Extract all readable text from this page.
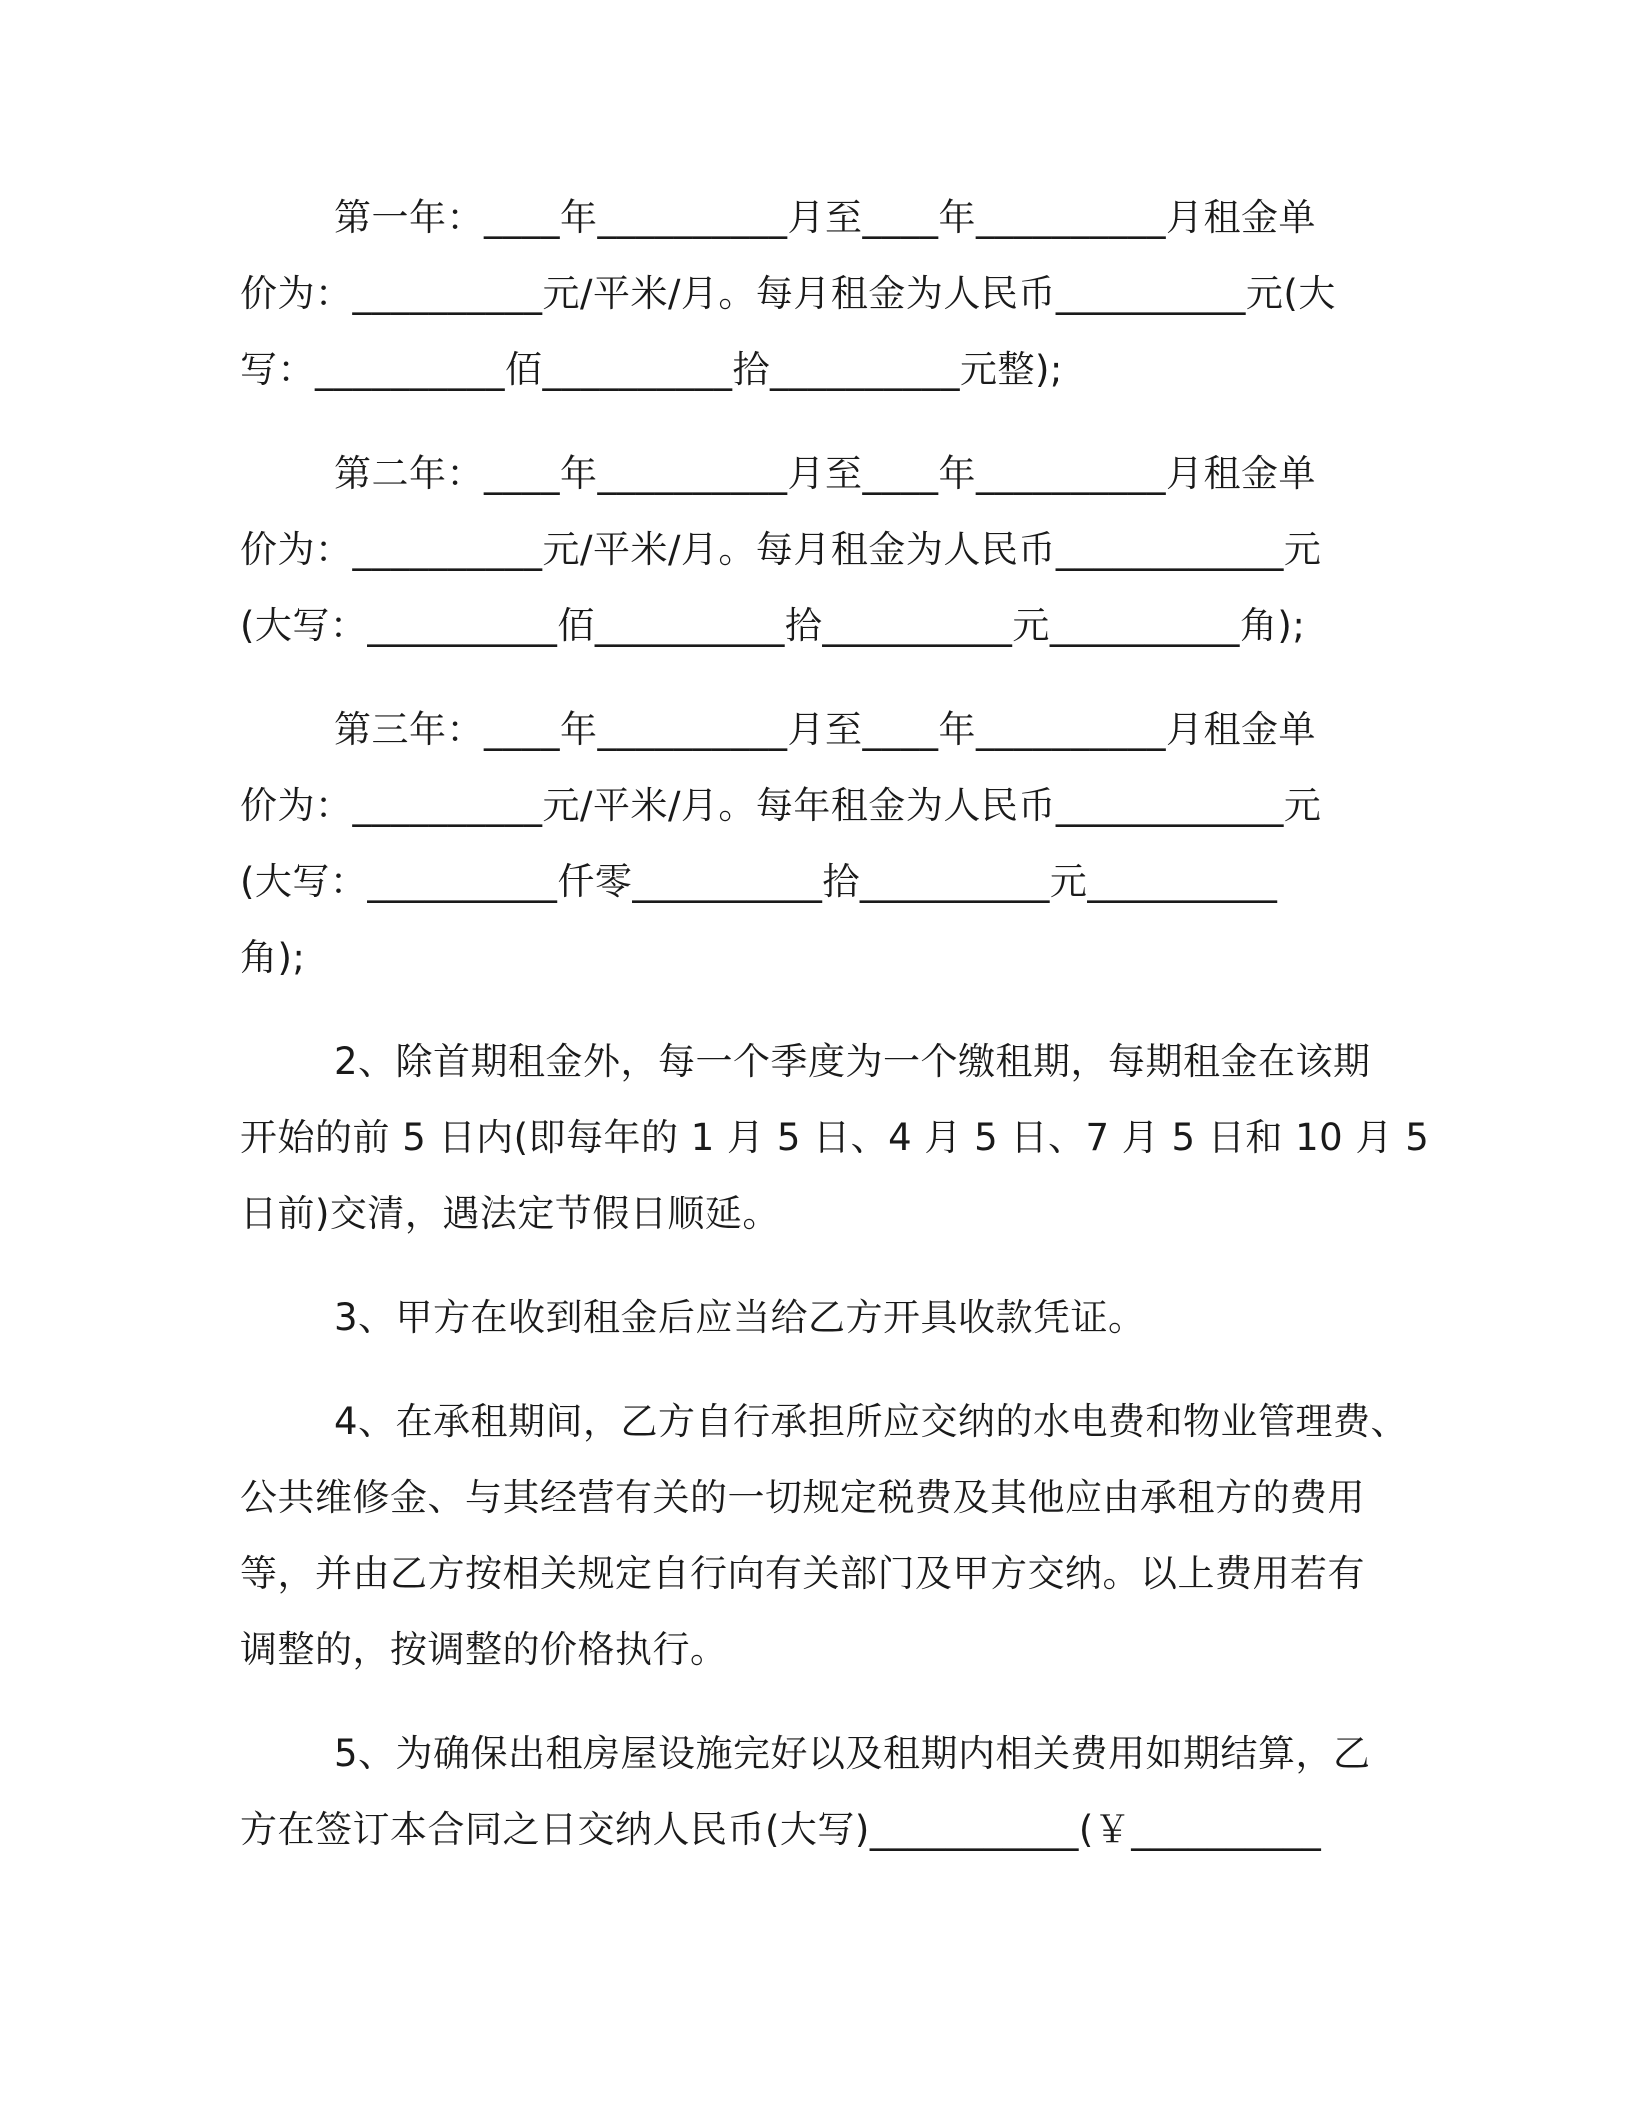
第一年：____年__________月至____年__________月租金单
价为：__________元/平米/月。每月租金为人民币__________元(大
写：__________佰__________拾__________元整);
第二年：____年__________月至____年__________月租金单
价为：__________元/平米/月。每月租金为人民币____________元
(大写：__________佰__________拾__________元__________角);
第三年：____年__________月至____年__________月租金单
价为：__________元/平米/月。每年租金为人民币____________元
(大写：__________仟零__________拾__________元__________
角);
2、除首期租金外，每一个季度为一个缴租期，每期租金在该期
开始的前 5 日内(即每年的 1 月 5 日、4 月 5 日、7 月 5 日和 10 月 5
日前)交清，遇法定节假日顺延。
3、甲方在收到租金后应当给乙方开具收款凭证。
4、在承租期间，乙方自行承担所应交纳的水电费和物业管理费、
公共维修金、与其经营有关的一切规定税费及其他应由承租方的费用
等，并由乙方按相关规定自行向有关部门及甲方交纳。以上费用若有
调整的，按调整的价格执行。
5、为确保出租房屋设施完好以及租期内相关费用如期结算，乙
方在签订本合同之日交纳人民币(大写)___________(￥__________
